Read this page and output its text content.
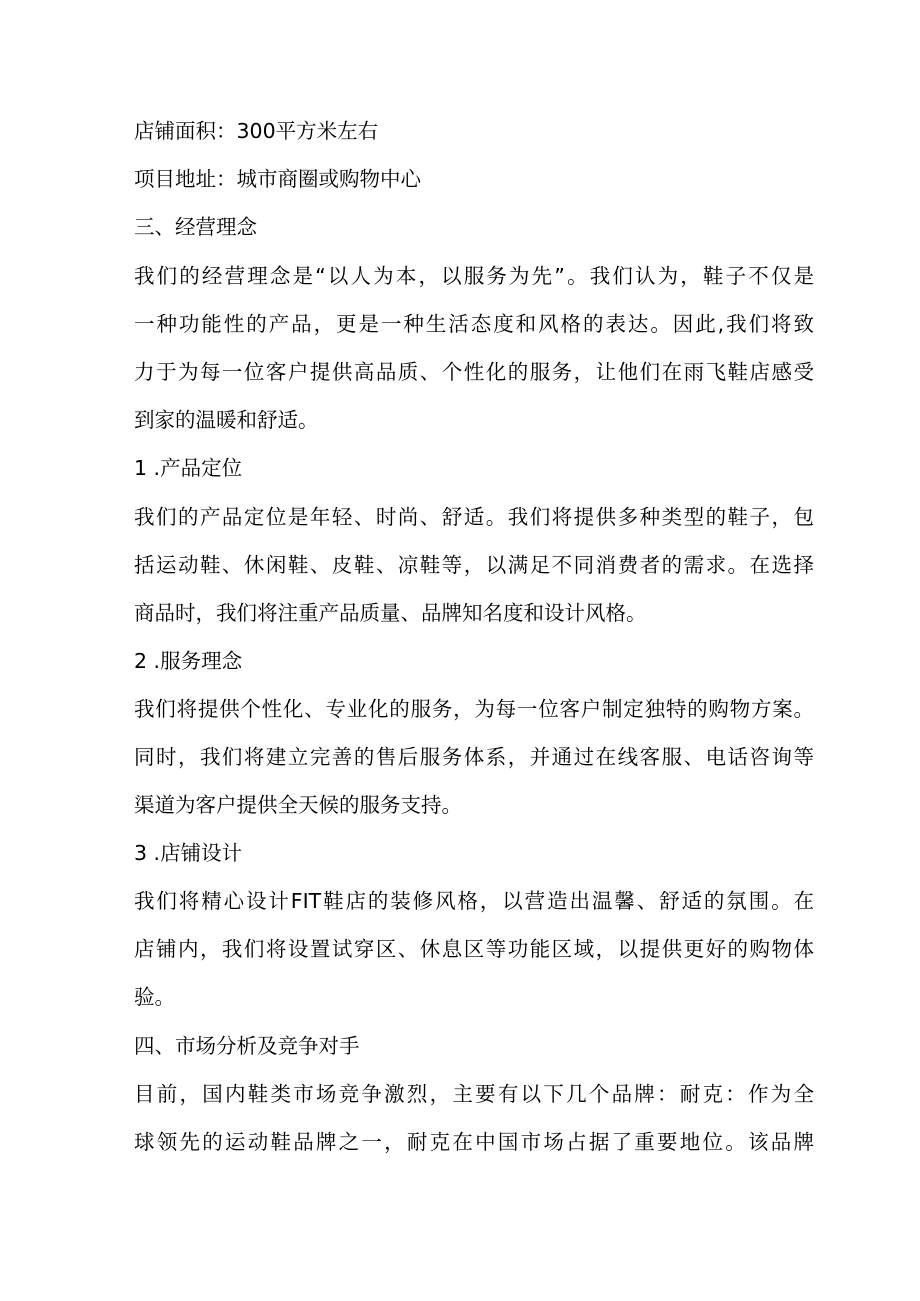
店铺面积：300平方米左右
项目地址：城市商圈或购物中心
三、经营理念
我们的经营理念是“以人为本，以服务为先”。我们认为，鞋子不仅是
一种功能性的产品，更是一种生活态度和风格的表达。因此,我们将致
力于为每一位客户提供高品质、个性化的服务，让他们在雨飞鞋店感受
到家的温暖和舒适。
1 .产品定位
我们的产品定位是年轻、时尚、舒适。我们将提供多种类型的鞋子，包
括运动鞋、休闲鞋、皮鞋、凉鞋等，以满足不同消费者的需求。在选择
商品时，我们将注重产品质量、品牌知名度和设计风格。
2 .服务理念
我们将提供个性化、专业化的服务，为每一位客户制定独特的购物方案。
同时，我们将建立完善的售后服务体系，并通过在线客服、电话咨询等
渠道为客户提供全天候的服务支持。
3 .店铺设计
我们将精心设计FIT鞋店的装修风格，以营造出温馨、舒适的氛围。在
店铺内，我们将设置试穿区、休息区等功能区域，以提供更好的购物体
验。
四、市场分析及竞争对手
目前，国内鞋类市场竞争激烈，主要有以下几个品牌：耐克：作为全
球领先的运动鞋品牌之一，耐克在中国市场占据了重要地位。该品牌
